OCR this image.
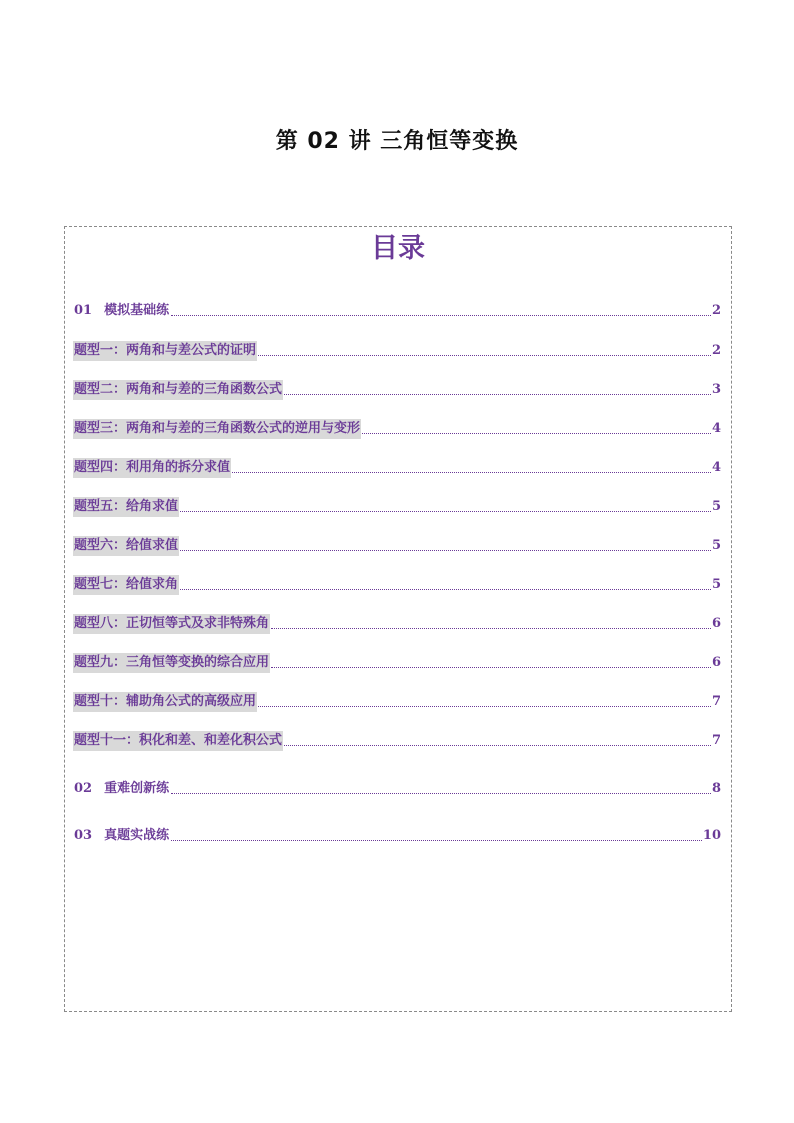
第 02 讲 三角恒等变换
目录
01 模拟基础练	2
题型一：两角和与差公式的证明	2
题型二：两角和与差的三角函数公式	3
题型三：两角和与差的三角函数公式的逆用与变形	4
题型四：利用角的拆分求值	4
题型五：给角求值	5
题型六：给值求值	5
题型七：给值求角	5
题型八：正切恒等式及求非特殊角	6
题型九：三角恒等变换的综合应用	6
题型十：辅助角公式的高级应用	7
题型十一：积化和差、和差化积公式	7
02 重难创新练	8
03 真题实战练	10
